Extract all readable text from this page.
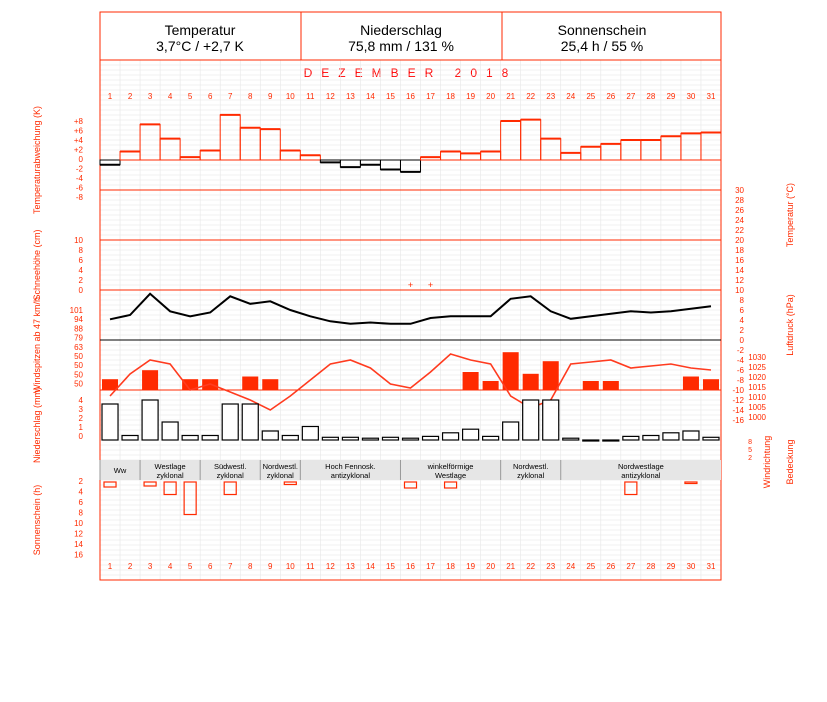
Temperatur
3,7°C / +2,7 K
Niederschlag
75,8 mm / 131 %
Sonnenschein
25,4 h / 55 %
DEZEMBER 2018
1
1
2
2
3
3
4
4
5
5
6
6
7
7
8
8
9
9
10
10
11
11
12
12
13
13
14
14
15
15
16
16
17
17
18
18
19
19
20
20
21
21
22
22
23
23
24
24
25
25
26
26
27
27
28
28
29
29
30
30
31
31
Temperaturabweichung (K)
Schneehöhe (cm)
Windspitzen ab 47 km/h
Niederschlag (mm)
Sonnenschein (h)
Temperatur (°C)
Luftdruck (hPa)
Windrichtung Bedeckung
+8
+6
+4
+2
0
-2
-4
-6
-8
10
8
6
4
2
0
101
94
88
79
63
50
50
50
50
4
3
2
1
0
2
4
6
8
10
12
14
16
30
28
26
24
22
20
18
16
14
12
10
8
6
4
2
0
-2
-4
-6
-8
-10
-12
-14
-16
1030
1025
1020
1015
1010
1005
1000
8
5
2
+ +
Ww	Westlage
zyklonal
Südwestl.
zyklonal
Nordwestl.
zyklonal
Hoch Fennosk.
antizyklonal
winkelförmige
Westlage
Nordwestl.
zyklonal
Nordwestlage
antizyklonal
